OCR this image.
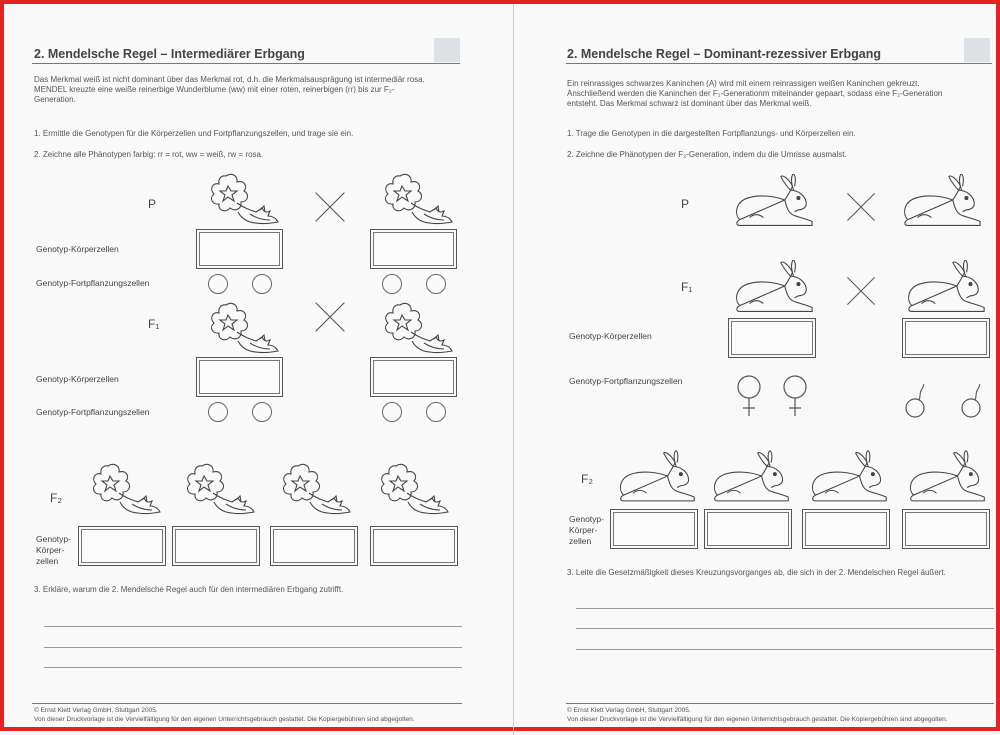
2. Mendelsche Regel – Intermediärer Erbgang
Das Merkmal weiß ist nicht dominant über das Merkmal rot, d.h. die Merkmalsausprägung ist intermediär rosa.
MENDEL kreuzte eine weiße reinerbige Wunderblume (ww) mit einer roten, reinerbigen (rr) bis zur F₂-
Generation.
1. Ermittle die Genotypen für die Körperzellen und Fortpflanzungszellen, und trage sie ein.
2. Zeichne alle Phänotypen farbig: rr = rot, ww = weiß, rw = rosa.
P
Genotyp-Körperzellen
Genotyp-Fortpflanzungszellen
F₁
Genotyp-Körperzellen
Genotyp-Fortpflanzungszellen
F₂
Genotyp-
Körper-
zellen
3. Erkläre, warum die 2. Mendelsche Regel auch für den intermediären Erbgang zutrifft.
© Ernst Klett Verlag GmbH, Stuttgart 2005.
Von dieser Druckvorlage ist die Vervielfältigung für den eigenen Unterrichtsgebrauch gestattet. Die Kopiergebühren sind abgegolten.
2. Mendelsche Regel – Dominant-rezessiver Erbgang
Ein reinrassiges schwarzes Kaninchen (A) wird mit einem reinrassigen weißen Kaninchen gekreuzt.
Anschließend werden die Kaninchen der F₁-Generationm miteinander gepaart, sodass eine F₂-Generation
entsteht. Das Merkmal schwarz ist dominant über das Merkmal weiß.
1. Trage die Genotypen in die dargestellten Fortpflanzungs- und Körperzellen ein.
2. Zeichne die Phänotypen der F₂-Generation, indem du die Umrisse ausmalst.
P
F₁
Genotyp-Körperzellen
Genotyp-Fortpflanzungszellen
F₂
Genotyp-
Körper-
zellen
3. Leite die Gesetzmäßigkeit dieses Kreuzungsvorganges ab, die sich in der 2. Mendelschen Regel äußert.
© Ernst Klett Verlag GmbH, Stuttgart 2005.
Von dieser Druckvorlage ist die Vervielfältigung für den eigenen Unterrichtsgebrauch gestattet. Die Kopiergebühren sind abgegolten.
